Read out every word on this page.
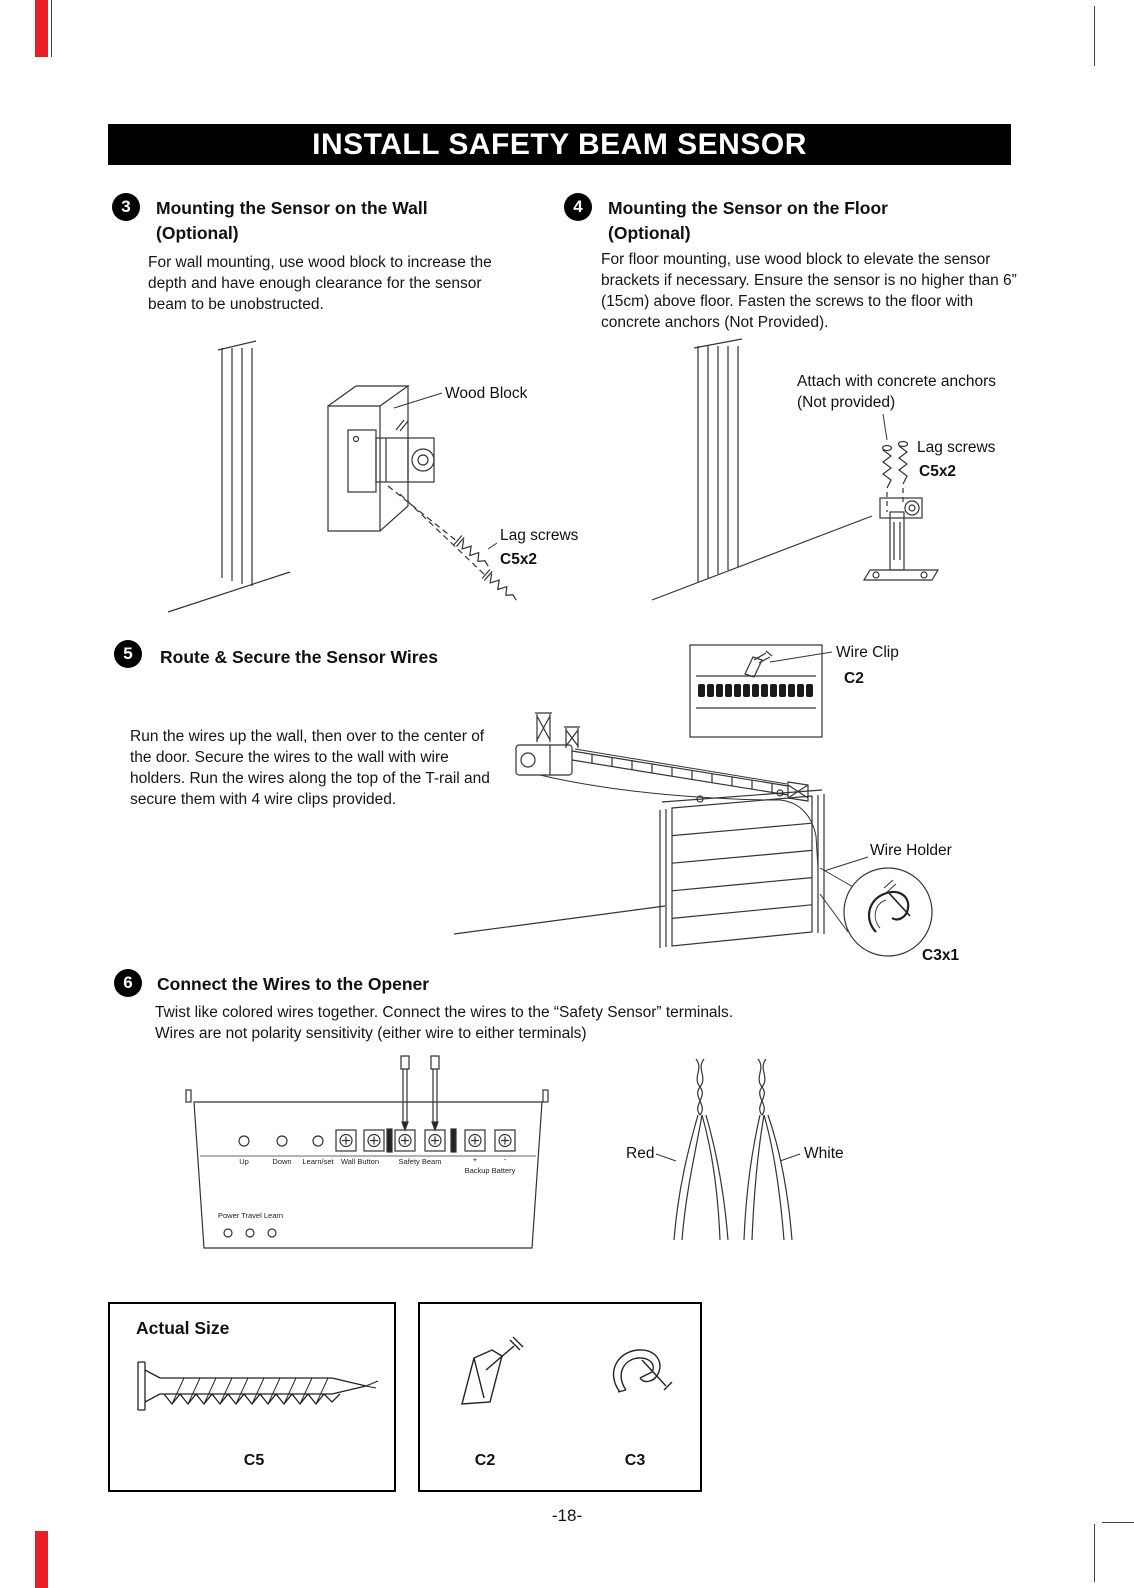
INSTALL SAFETY BEAM SENSOR
3	Mounting the Sensor on the Wall
(Optional)

For wall mounting, use wood block to increase the depth and have enough clearance for the sensor beam to be unobstructed.

4	Mounting the Sensor on the Floor
(Optional)

For floor mounting, use wood block to elevate the sensor brackets if necessary. Ensure the sensor is no higher than 6” (15cm) above floor. Fasten the screws to the floor with concrete anchors (Not Provided).

Wood Block
Lag screws
C5x2
Attach with concrete anchors
(Not provided)
Lag screws
C5x2
5	Route & Secure the Sensor Wires

Run the wires up the wall, then over to the center of the door. Secure the wires to the wall with wire holders. Run the wires along the top of the T-rail and secure them with 4 wire clips provided.

Wire Clip
C2
Wire Holder
C3x1
6	Connect the Wires to the Opener
Twist like colored wires together. Connect the wires to the “Safety Sensor” terminals.
Wires are not polarity sensitivity (either wire to either terminals)
Up	Down Learn/set Wall Button	Safety Beam	+	-
Backup Battery
Power Travel Learn
Red	White
Actual Size
C5	C2	C3
-18-
